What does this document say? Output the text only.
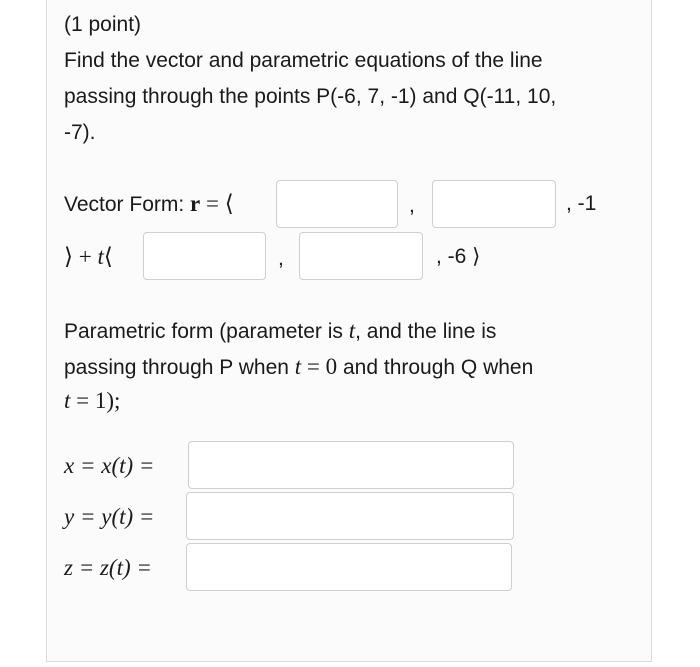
(1 point)
Find the vector and parametric equations of the line
passing through the points P(-6, 7, -1) and Q(-11, 10,
-7).
Vector Form: r = ⟨	,	, -1
⟩ + t⟨	,	, -6 ⟩
Parametric form (parameter is t, and the line is
passing through P when t = 0 and through Q when
t = 1);
x = x(t) =
y = y(t) =
z = z(t) =
